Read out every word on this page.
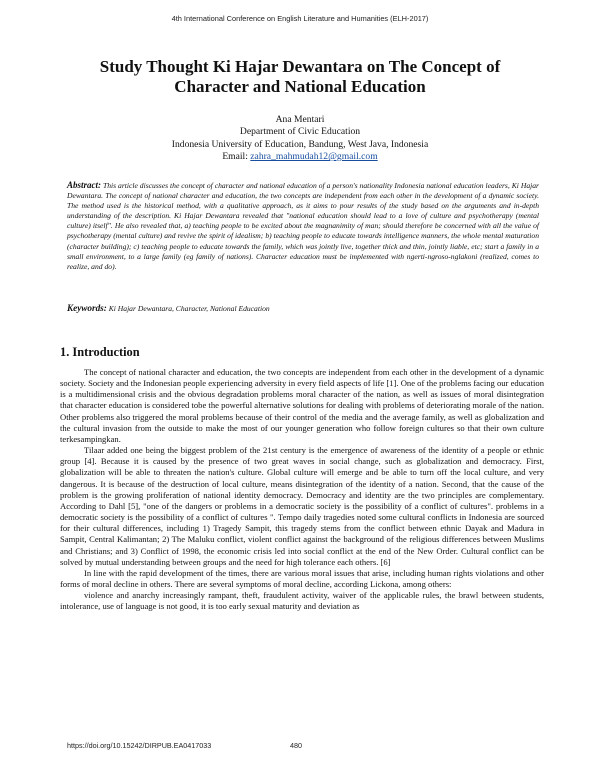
4th International Conference on English Literature and Humanities (ELH-2017)
Study Thought Ki Hajar Dewantara on The Concept of
Character and National Education
Ana Mentari
Department of Civic Education
Indonesia University of Education, Bandung, West Java, Indonesia
Email: zahra_mahmudah12@gmail.com
Abstract: This article discusses the concept of character and national education of a person's nationality Indonesia national education leaders, Ki Hajar Dewantara. The concept of national character and education, the two concepts are independent from each other in the development of a dynamic society. The method used is the historical method, with a qualitative approach, as it aims to pour results of the study based on the arguments and in-depth understanding of the description. Ki Hajar Dewantara revealed that "national education should lead to a love of culture and psychotherapy (mental culture) itself". He also revealed that, a) teaching people to be excited about the magnanimity of man; should therefore be concerned with all the value of psychotherapy (mental culture) and revive the spirit of idealism; b) teaching people to educate towards intelligence manners, the whole mental maturation (character building); c) teaching people to educate towards the family, which was jointly live, together thick and thin, jointly liable, etc; start a family in a small environment, to a large family (eg family of nations). Character education must be implemented with ngerti-ngroso-nglakoni (realized, comes to realize, and do).
Keywords: Ki Hajar Dewantara, Character, National Education
1. Introduction

The concept of national character and education, the two concepts are independent from each other in the development of a dynamic society. Society and the Indonesian people experiencing adversity in every field aspects of life [1]. One of the problems facing our education is a multidimensional crisis and the obvious degradation problems moral character of the nation, as well as issues of moral disintegration that character education is considered tobe the powerful alternative solutions for dealing with problems of deteriorating morale of the nation. Other problems also triggered the moral problems because of their control of the media and the average family, as well as globalization and the cultural invasion from the outside to make the most of our younger generation who follow foreign cultures so that their own culture terkesampingkan.

Tilaar added one being the biggest problem of the 21st century is the emergence of awareness of the identity of a people or ethnic group [4]. Because it is caused by the presence of two great waves in social change, such as globalization and democracy. First, globalization will be able to threaten the nation's culture. Global culture will emerge and be able to turn off the local culture, and very dangerous. It is because of the destruction of local culture, means disintegration of the identity of a nation. Second, that the cause of the problem is the growing proliferation of national identity democracy. Democracy and identity are the two principles are complementary. According to Dahl [5], "one of the dangers or problems in a democratic society is the possibility of a conflict of cultures". problems in a democratic society is the possibility of a conflict of cultures ". Tempo daily tragedies noted some cultural conflicts in Indonesia are sourced for their cultural differences, including 1) Tragedy Sampit, this tragedy stems from the conflict between ethnic Dayak and Madura in Sampit, Central Kalimantan; 2) The Maluku conflict, violent conflict against the background of the religious differences between Muslims and Christians; and 3) Conflict of 1998, the economic crisis led into social conflict at the end of the New Order. Cultural conflict can be solved by mutual understanding between groups and the need for high tolerance each others. [6]

In line with the rapid development of the times, there are various moral issues that arise, including human rights violations and other forms of moral decline in others. There are several symptoms of moral decline, according Lickona, among others:

violence and anarchy increasingly rampant, theft, fraudulent activity, waiver of the applicable rules, the brawl between students, intolerance, use of language is not good, it is too early sexual maturity and deviation as

https://doi.org/10.15242/DIRPUB.EA0417033	480
